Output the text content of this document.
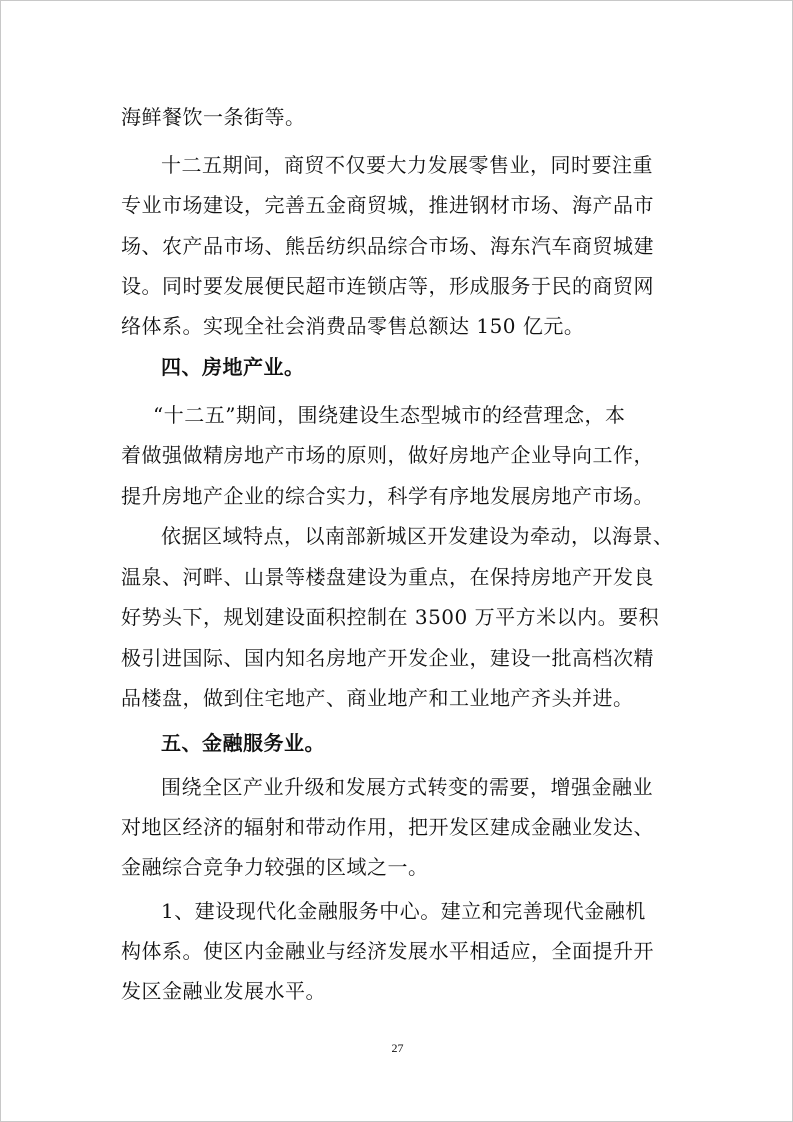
海鲜餐饮一条街等。

十二五期间，商贸不仅要大力发展零售业，同时要注重

专业市场建设，完善五金商贸城，推进钢材市场、海产品市

场、农产品市场、熊岳纺织品综合市场、海东汽车商贸城建

设。同时要发展便民超市连锁店等，形成服务于民的商贸网

络体系。实现全社会消费品零售总额达 150 亿元。

四、房地产业。

“十二五”期间，围绕建设生态型城市的经营理念，本

着做强做精房地产市场的原则，做好房地产企业导向工作，

提升房地产企业的综合实力，科学有序地发展房地产市场。

依据区域特点，以南部新城区开发建设为牵动，以海景、

温泉、河畔、山景等楼盘建设为重点，在保持房地产开发良

好势头下，规划建设面积控制在 3500 万平方米以内。要积

极引进国际、国内知名房地产开发企业，建设一批高档次精

品楼盘，做到住宅地产、商业地产和工业地产齐头并进。

五、金融服务业。

围绕全区产业升级和发展方式转变的需要，增强金融业

对地区经济的辐射和带动作用，把开发区建成金融业发达、

金融综合竞争力较强的区域之一。

1、建设现代化金融服务中心。建立和完善现代金融机

构体系。使区内金融业与经济发展水平相适应，全面提升开

发区金融业发展水平。

27
